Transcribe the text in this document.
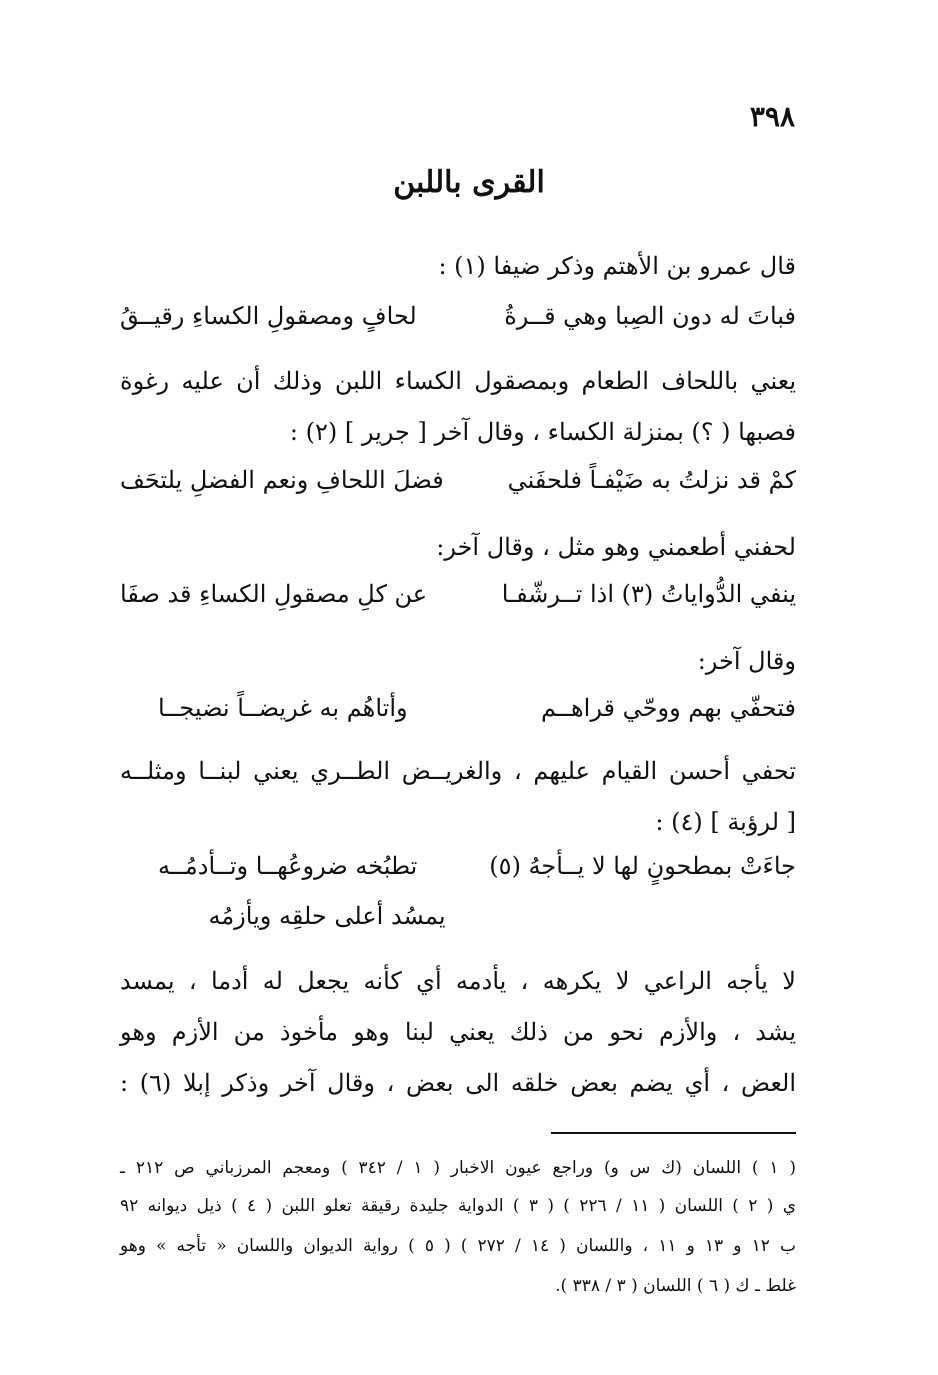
٣٩٨
القرى باللبن
قال عمرو بن الأهتم وذكر ضيفا (١) :
فباتَ له دون الصِبا وهي قــرةُ
لحافٍ ومصقولِ الكساءِ رقيــقُ
يعني باللحاف الطعام وبمصقول الكساء اللبن وذلك أن عليه رغوة
فصبها ( ؟) بمنزلة الكساء ، وقال آخر [ جرير ] (٢) :
كمْ قد نزلتُ به ضَيْفـاً فلحفَني
فضلَ اللحافِ ونعم الفضلِ يلتحَف
لحفني أطعمني وهو مثل ، وقال آخر:
ينفي الدُّواياتُ (٣) اذا تــرشّفـا
عن كلِ مصقولِ الكساءِ قد صفَا
وقال آخر:
فتحفّي بهم ووحّي قراهــم
وأتاهُم به غريضــاً نضيجــا
تحفي أحسن القيام عليهم ، والغريــض الطــري يعني لبنــا ومثلــه
[ لرؤبة ] (٤) :
جاءَتْ بمطحونٍ لها لا يــأجهُ (٥)
تطبُخه ضروعُهــا وتــأدمُــه
يمسُد أعلى حلقِه ويأزمُه
لا يأجه الراعي لا يكرهه ، يأدمه أي كأنه يجعل له أدما ، يمسد
يشد ، والأزم نحو من ذلك يعني لبنا وهو مأخوذ من الأزم وهو
العض ، أي يضم بعض خلقه الى بعض ، وقال آخر وذكر إبلا (٦) :
( ١ ) اللسان (ك س و) وراجع عيون الاخبار ( ١ / ٣٤٢ ) ومعجم المرزباني ص ٢١٢ ـ
ي ( ٢ ) اللسان ( ١١ / ٢٢٦ ) ( ٣ ) الدواية جليدة رقيقة تعلو اللبن ( ٤ ) ذيل ديوانه ٩٢
ب ١٢ و ١٣ و ١١ ، واللسان ( ١٤ / ٢٧٢ ) ( ٥ ) رواية الديوان واللسان « تأجه » وهو
غلط ـ ك ( ٦ ) اللسان ( ٣ / ٣٣٨ ).
